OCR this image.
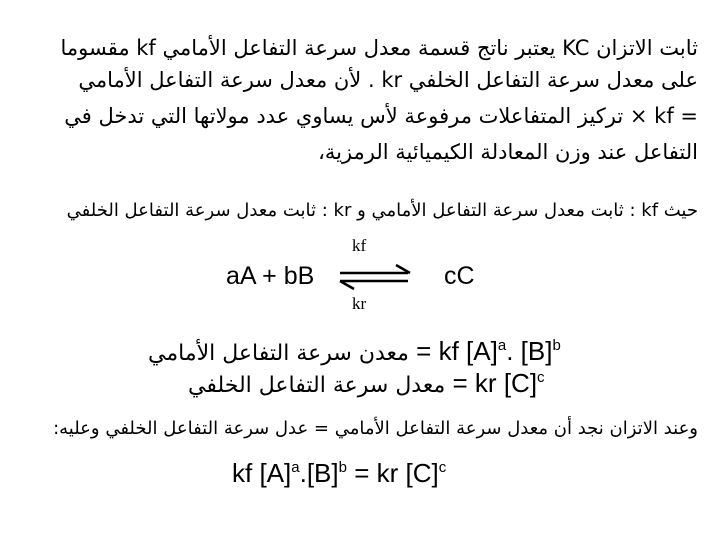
ثابت الاتزان KC يعتبر ناتج قسمة معدل سرعة التفاعل الأمامي kf مقسوما
على معدل سرعة التفاعل الخلفي kr . لأن معدل سرعة التفاعل الأمامي
= kf × تركيز المتفاعلات مرفوعة لأس يساوي عدد مولاتها التي تدخل في
التفاعل عند وزن المعادلة الكيميائية الرمزية،
حيث kf : ثابت معدل سرعة التفاعل الأمامي و kr : ثابت معدل سرعة التفاعل الخلفي
aA + bB	cC
kf
kr
معدن سرعة التفاعل الأمامي = kf $[A]^a$. $[B]^b$
معدل سرعة التفاعل الخلفي = kr $[C]^c$
وعند الاتزان نجد أن معدل سرعة التفاعل الأمامي = عدل سرعة التفاعل الخلفي وعليه:
kf $[A]^a.[B]^b$ = kr $[C]^c$
